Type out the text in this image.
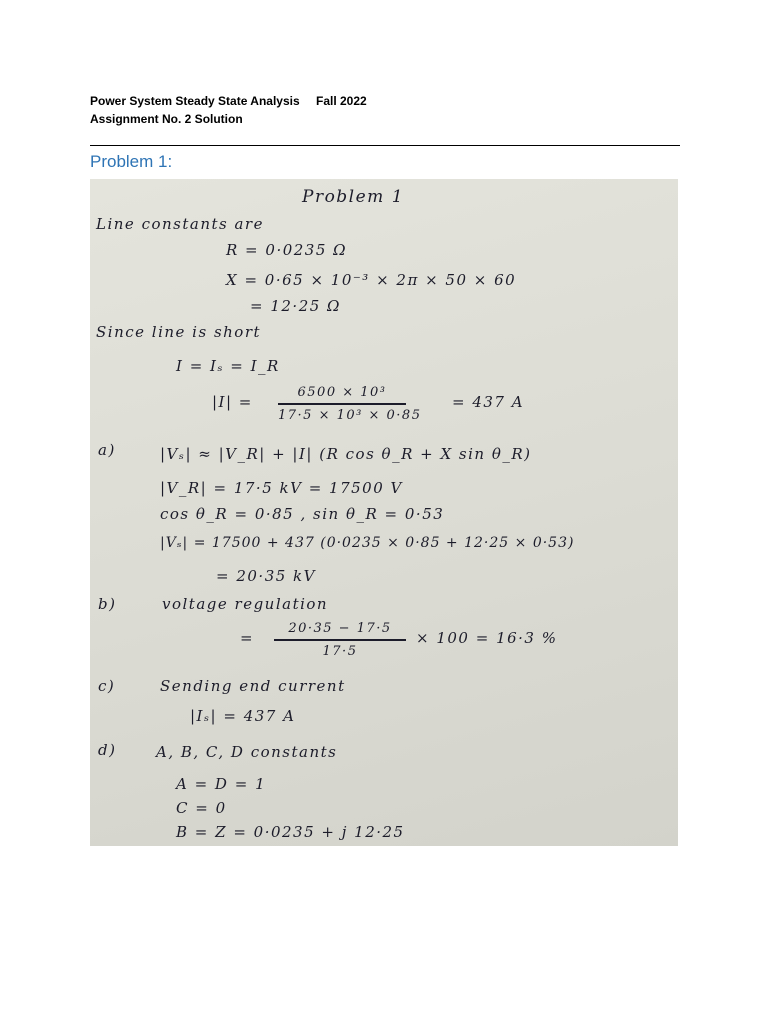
Power System Steady State Analysis	Fall 2022
Assignment No. 2 Solution
Problem 1:
Problem 1
Line constants are
R = 0·0235 Ω
X = 0·65 × 10⁻³ × 2π × 50 × 60
= 12·25 Ω
Since line is short
I = Iₛ = I_R
|I| =
6500 × 10³
17·5 × 10³ × 0·85
= 437 A
a)	|Vₛ| ≈ |V_R| + |I| (R cos θ_R + X sin θ_R)
|V_R| = 17·5 kV = 17500 V
cos θ_R = 0·85 , sin θ_R = 0·53
|Vₛ| = 17500 + 437 (0·0235 × 0·85 + 12·25 × 0·53)
= 20·35 kV
b)	voltage regulation
=
20·35 − 17·5
17·5
× 100 = 16·3 %
c)	Sending end current
|Iₛ| = 437 A
d)	A, B, C, D constants
A = D = 1
C = 0
B = Z = 0·0235 + j 12·25
